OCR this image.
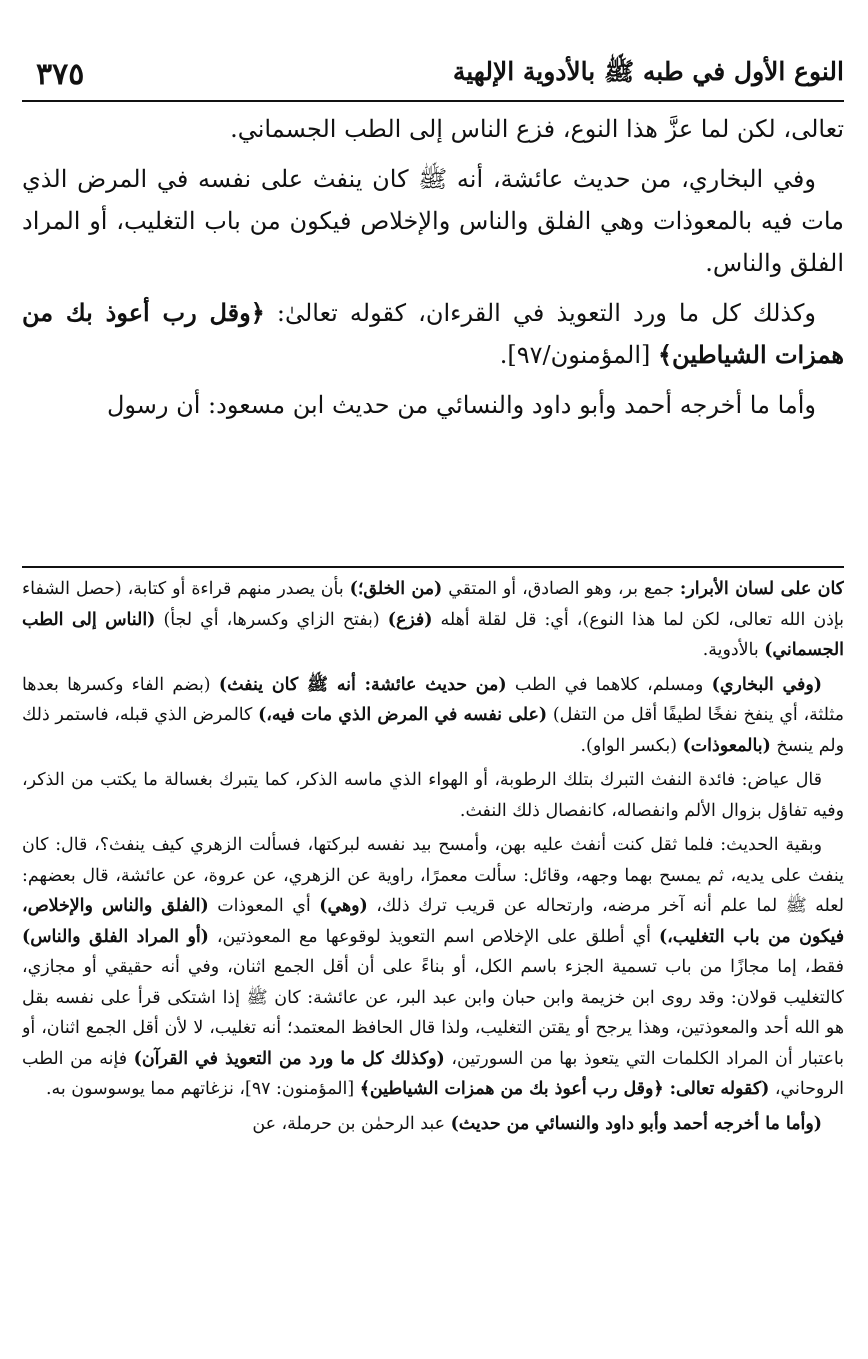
النوع الأول في طبه ﷺ بالأدوية الإلهية
٣٧٥

تعالى، لكن لما عزَّ هذا النوع، فزع الناس إلى الطب الجسماني.

وفي البخاري، من حديث عائشة، أنه ﷺ كان ينفث على نفسه في المرض الذي مات فيه بالمعوذات وهي الفلق والناس والإخلاص فيكون من باب التغليب، أو المراد الفلق والناس.

وكذلك كل ما ورد التعويذ في القرءان، كقوله تعالىٰ: ﴿وقل رب أعوذ بك من همزات الشياطين﴾ [المؤمنون/٩٧].

وأما ما أخرجه أحمد وأبو داود والنسائي من حديث ابن مسعود: أن رسول

كان على لسان الأبرار: جمع بر، وهو الصادق، أو المتقي (من الخلق؛) بأن يصدر منهم قراءة أو كتابة، (حصل الشفاء بإذن الله تعالى، لكن لما هذا النوع)، أي: قل لقلة أهله (فزع) (بفتح الزاي وكسرها، أي لجأ) (الناس إلى الطب الجسماني) بالأدوية.

(وفي البخاري) ومسلم، كلاهما في الطب (من حديث عائشة: أنه ﷺ كان ينفث) (بضم الفاء وكسرها بعدها مثلثة، أي ينفخ نفخًا لطيفًا أقل من التفل) (على نفسه في المرض الذي مات فيه،) كالمرض الذي قبله، فاستمر ذلك ولم ينسخ (بالمعوذات) (بكسر الواو).

قال عياض: فائدة النفث التبرك بتلك الرطوبة، أو الهواء الذي ماسه الذكر، كما يتبرك بغسالة ما يكتب من الذكر، وفيه تفاؤل بزوال الألم وانفصاله، كانفصال ذلك النفث.

وبقية الحديث: فلما ثقل كنت أنفث عليه بهن، وأمسح بيد نفسه لبركتها، فسألت الزهري كيف ينفث؟، قال: كان ينفث على يديه، ثم يمسح بهما وجهه، وقائل: سألت معمرًا، راوية عن الزهري، عن عروة، عن عائشة، قال بعضهم: لعله ﷺ لما علم أنه آخر مرضه، وارتحاله عن قريب ترك ذلك، (وهي) أي المعوذات (الفلق والناس والإخلاص، فيكون من باب التغليب،) أي أطلق على الإخلاص اسم التعويذ لوقوعها مع المعوذتين، (أو المراد الفلق والناس) فقط، إما مجازًا من باب تسمية الجزء باسم الكل، أو بناءً على أن أقل الجمع اثنان، وفي أنه حقيقي أو مجازي، كالتغليب قولان: وقد روى ابن خزيمة وابن حبان وابن عبد البر، عن عائشة: كان ﷺ إذا اشتكى قرأ على نفسه بقل هو الله أحد والمعوذتين، وهذا يرجح أو يقتن التغليب، ولذا قال الحافظ المعتمد؛ أنه تغليب، لا لأن أقل الجمع اثنان، أو باعتبار أن المراد الكلمات التي يتعوذ بها من السورتين، (وكذلك كل ما ورد من التعويذ في القرآن) فإنه من الطب الروحاني، (كقوله تعالى: ﴿وقل رب أعوذ بك من همزات الشياطين﴾ [المؤمنون: ٩٧]، نزغاتهم مما يوسوسون به.

(وأما ما أخرجه أحمد وأبو داود والنسائي من حديث) عبد الرحمٰن بن حرملة، عن
